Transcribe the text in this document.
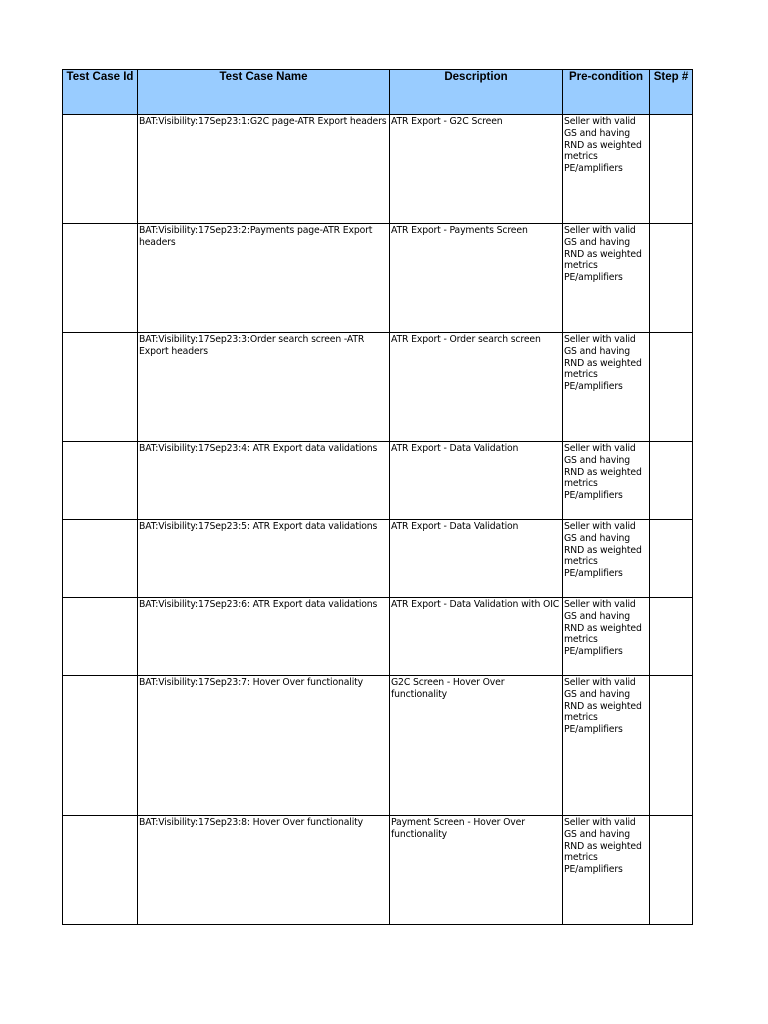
Test Case Id	Test Case Name	Description	Pre-condition	Step #
	BAT:Visibility:17Sep23:1:G2C page-ATR Export headers	ATR Export - G2C Screen	Seller with valid
GS and having
RND as weighted
metrics
PE/amplifiers	

	BAT:Visibility:17Sep23:2:Payments page-ATR Export headers	ATR Export - Payments Screen	Seller with valid
GS and having
RND as weighted
metrics
PE/amplifiers	

	BAT:Visibility:17Sep23:3:Order search screen -ATR Export headers	ATR Export - Order search screen	Seller with valid
GS and having
RND as weighted
metrics
PE/amplifiers	

	BAT:Visibility:17Sep23:4: ATR Export data validations	ATR Export - Data Validation	Seller with valid
GS and having
RND as weighted
metrics
PE/amplifiers	

	BAT:Visibility:17Sep23:5: ATR Export data validations	ATR Export - Data Validation	Seller with valid
GS and having
RND as weighted
metrics
PE/amplifiers	

	BAT:Visibility:17Sep23:6: ATR Export data validations	ATR Export - Data Validation with OIC	Seller with valid
GS and having
RND as weighted
metrics
PE/amplifiers	

	BAT:Visibility:17Sep23:7: Hover Over functionality	G2C Screen - Hover Over functionality	Seller with valid
GS and having
RND as weighted
metrics
PE/amplifiers	

	BAT:Visibility:17Sep23:8: Hover Over functionality	Payment Screen - Hover Over functionality	Seller with valid
GS and having
RND as weighted
metrics
PE/amplifiers	
